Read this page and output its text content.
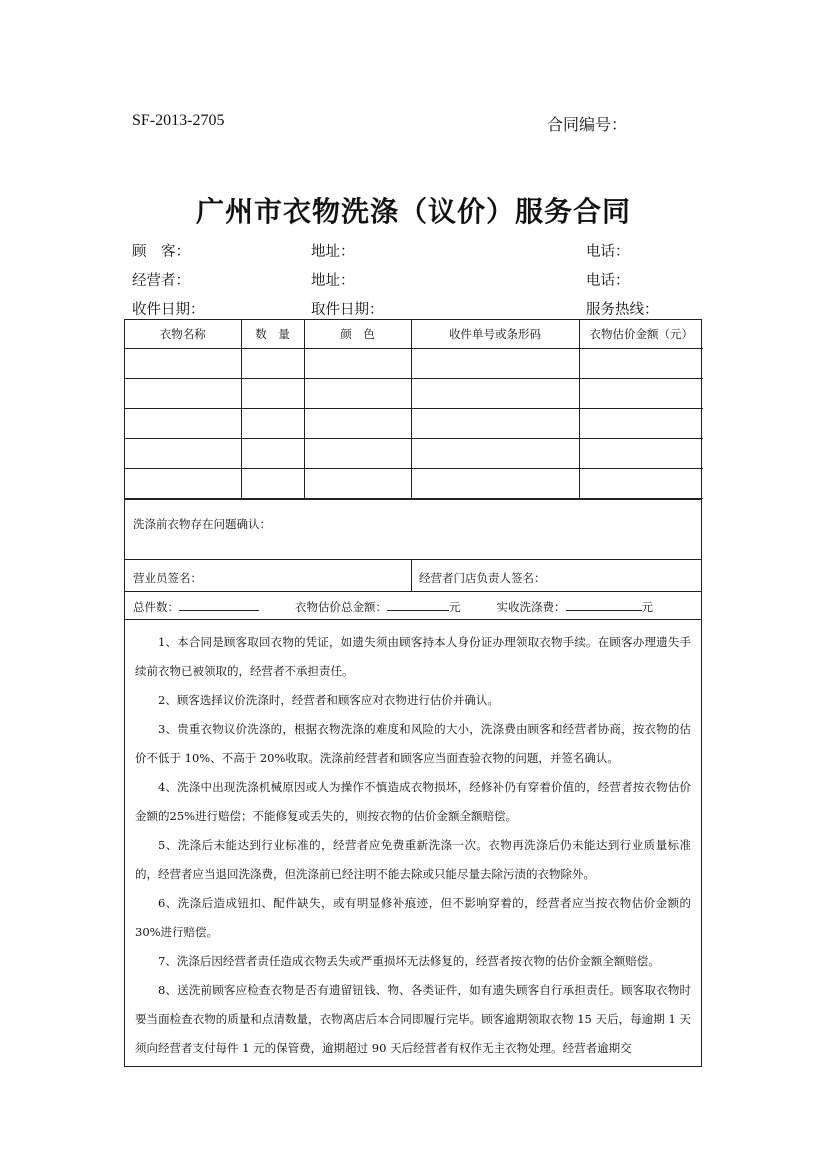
SF-2013-2705	合同编号：
广州市衣物洗涤（议价）服务合同
顾　客：	地址：	电话：
经营者：	地址：	电话：
收件日期：	取件日期：	服务热线：
衣物名称	数　量	颜　色	收件单号或条形码	衣物估价金额（元）

洗涤前衣物存在问题确认：
营业员签名：	经营者门店负责人签名：
总件数：	衣物估价总金额：	元	实收洗涤费：	元

1、本合同是顾客取回衣物的凭证，如遗失须由顾客持本人身份证办理领取衣物手续。在顾客办理遗失手续前衣物已被领取的，经营者不承担责任。

2、顾客选择议价洗涤时，经营者和顾客应对衣物进行估价并确认。

3、贵重衣物议价洗涤的，根据衣物洗涤的难度和风险的大小，洗涤费由顾客和经营者协商，按衣物的估价不低于 10%、不高于 20%收取。洗涤前经营者和顾客应当面查验衣物的问题，并签名确认。

4、洗涤中出现洗涤机械原因或人为操作不慎造成衣物损坏，经修补仍有穿着价值的，经营者按衣物估价金额的25%进行赔偿；不能修复或丢失的，则按衣物的估价金额全额赔偿。

5、洗涤后未能达到行业标准的，经营者应免费重新洗涤一次。衣物再洗涤后仍未能达到行业质量标准的，经营者应当退回洗涤费，但洗涤前已经注明不能去除或只能尽量去除污渍的衣物除外。

6、洗涤后造成钮扣、配件缺失，或有明显修补痕迹，但不影响穿着的，经营者应当按衣物估价金额的30%进行赔偿。

7、洗涤后因经营者责任造成衣物丢失或严重损坏无法修复的，经营者按衣物的估价金额全额赔偿。

8、送洗前顾客应检查衣物是否有遗留钮钱、物、各类证件，如有遗失顾客自行承担责任。顾客取衣物时要当面检查衣物的质量和点清数量，衣物离店后本合同即履行完毕。顾客逾期领取衣物 15 天后，每逾期 1 天须向经营者支付每件 1 元的保管费，逾期超过 90 天后经营者有权作无主衣物处理。经营者逾期交
